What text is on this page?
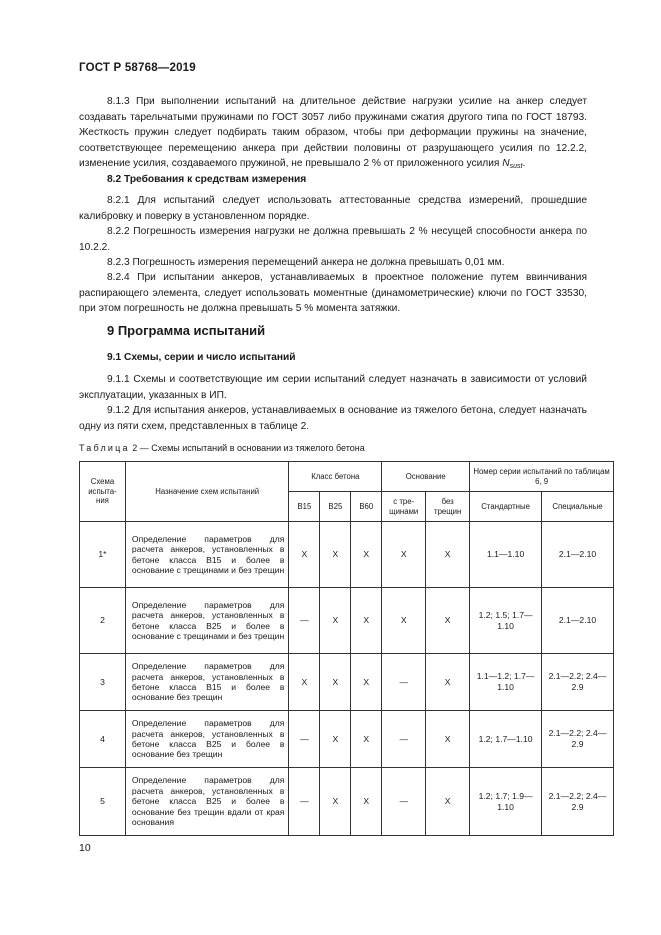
ГОСТ Р 58768—2019

8.1.3 При выполнении испытаний на длительное действие нагрузки усилие на анкер следует создавать тарельчатыми пружинами по ГОСТ 3057 либо пружинами сжатия другого типа по ГОСТ 18793. Жесткость пружин следует подбирать таким образом, чтобы при деформации пружины на значение, соответствующее перемещению анкера при действии половины от разрушающего усилия по 12.2.2, изменение усилия, создаваемого пружиной, не превышало 2 % от приложенного усилия $N_{sust}$.

8.2 Требования к средствам измерения

8.2.1 Для испытаний следует использовать аттестованные средства измерений, прошедшие калибровку и поверку в установленном порядке.

8.2.2 Погрешность измерения нагрузки не должна превышать 2 % несущей способности анкера по 10.2.2.

8.2.3 Погрешность измерения перемещений анкера не должна превышать 0,01 мм.

8.2.4 При испытании анкеров, устанавливаемых в проектное положение путем ввинчивания распирающего элемента, следует использовать моментные (динамометрические) ключи по ГОСТ 33530, при этом погрешность не должна превышать 5 % момента затяжки.

9 Программа испытаний
9.1 Схемы, серии и число испытаний

9.1.1 Схемы и соответствующие им серии испытаний следует назначать в зависимости от условий эксплуатации, указанных в ИП.

9.1.2 Для испытания анкеров, устанавливаемых в основание из тяжелого бетона, следует назначать одну из пяти схем, представленных в таблице 2.

Таблица 2 — Схемы испытаний в основании из тяжелого бетона
Схема испыта-ния	Назначение схем испытаний	Класс бетона			Основание		Номер серии испытаний по таблицам 6, 9	
		В15	В25	В60	с тре-щинами	без трещин	Стандартные	Специальные
1*	Определение параметров для расчета анкеров, установленных в бетоне класса В15 и более в основание с трещинами и без трещин	X	X	X	X	X	1.1—1.10	2.1—2.10
2	Определение параметров для расчета анкеров, установленных в бетоне класса В25 и более в основание с трещинами и без трещин	—	X	X	X	X	1.2; 1.5; 1.7—1.10	2.1—2.10
3	Определение параметров для расчета анкеров, установленных в бетоне класса В15 и более в основание без трещин	X	X	X	—	X	1.1—1.2; 1.7—1.10	2.1—2.2; 2.4—2.9
4	Определение параметров для расчета анкеров, установленных в бетоне класса В25 и более в основание без трещин	—	X	X	—	X	1.2; 1.7—1.10	2.1—2.2; 2.4—2.9
5	Определение параметров для расчета анкеров, установленных в бетоне класса В25 и более в основание без трещин вдали от края основания	—	X	X	—	X	1.2; 1.7; 1.9—1.10	2.1—2.2; 2.4—2.9
10
